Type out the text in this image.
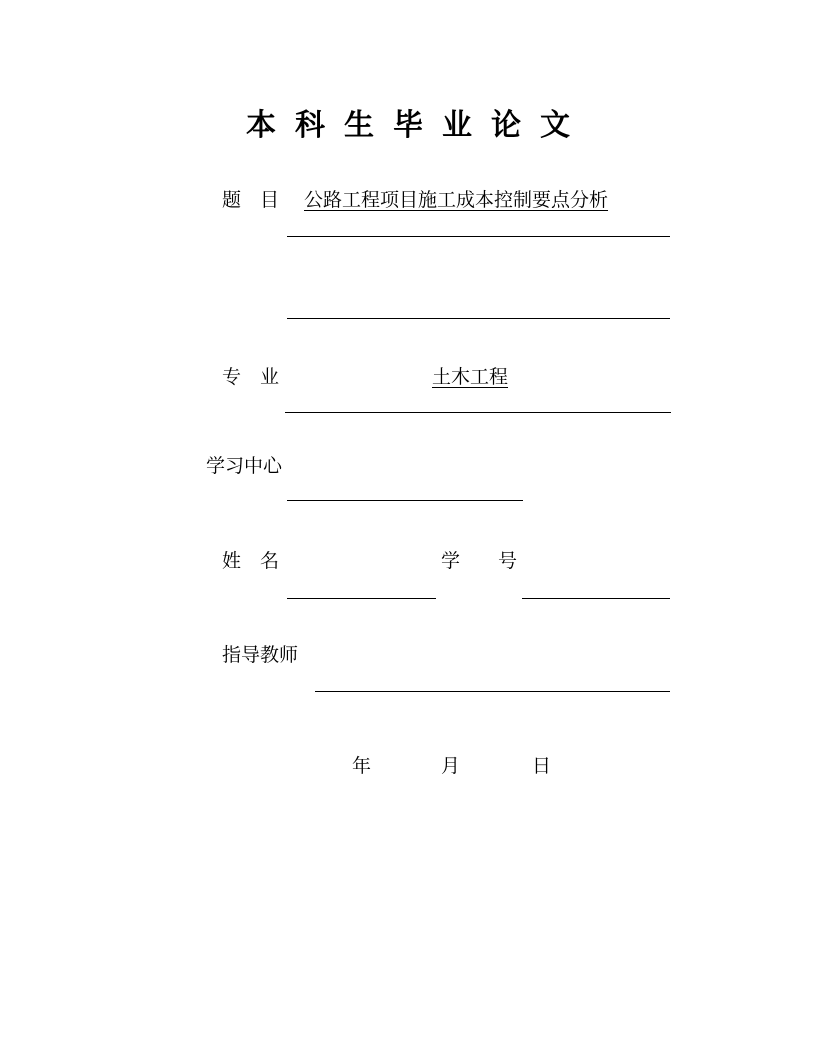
本科生毕业论文
题　目 公路工程项目施工成本控制要点分析
专　业	土木工程
学习中心
姓　名	学　　号
指导教师
年	月	日
